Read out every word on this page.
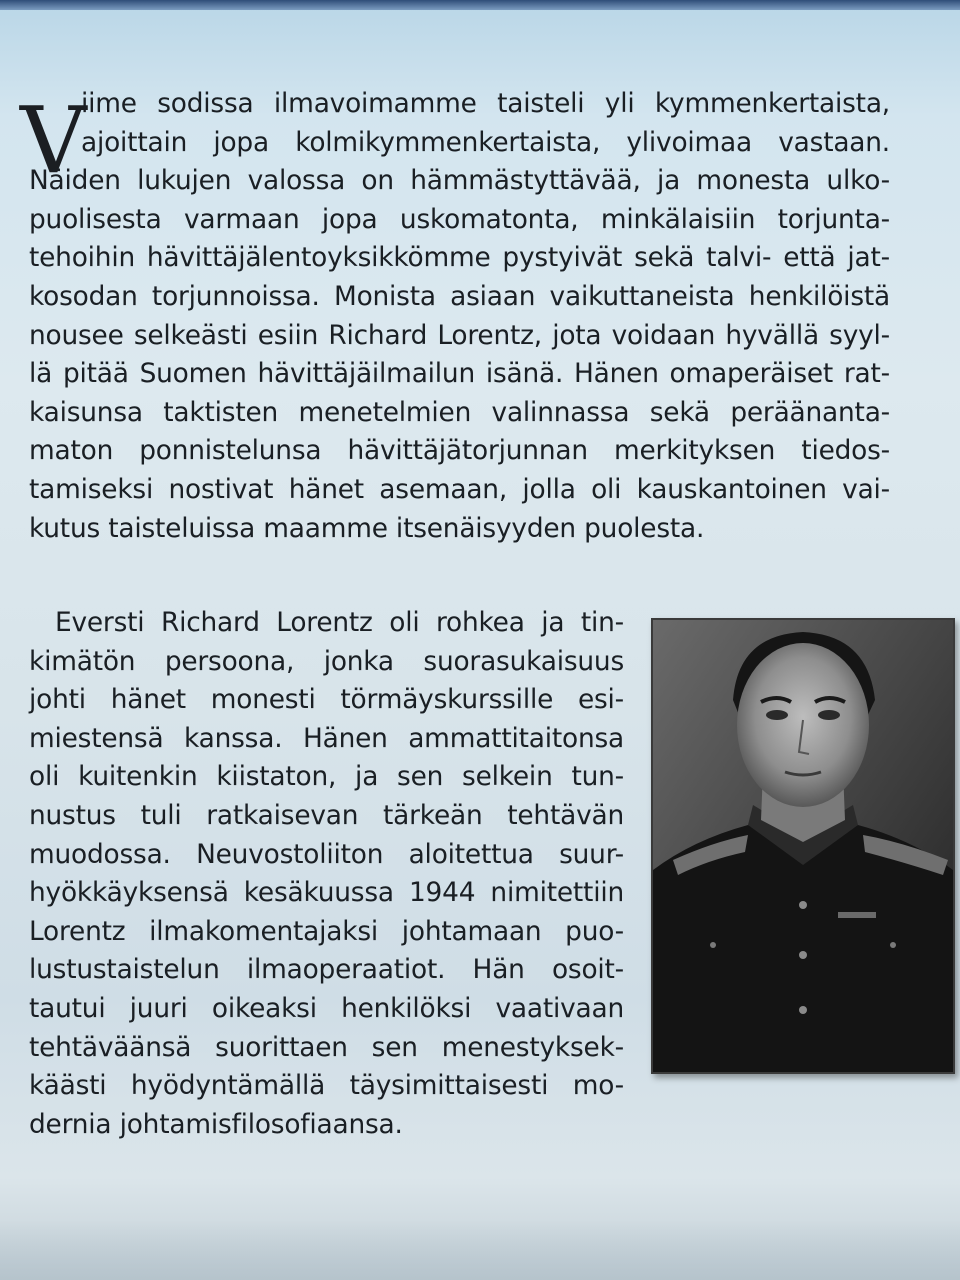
V
iime sodissa ilmavoimamme taisteli yli kymmenkertaista,
ajoittain jopa kolmikymmenkertaista, ylivoimaa vastaan.
Näiden lukujen valossa on hämmästyttävää, ja monesta ulko-
puolisesta varmaan jopa uskomatonta, minkälaisiin torjunta-
tehoihin hävittäjälentoyksikkömme pystyivät sekä talvi- että jat-
kosodan torjunnoissa. Monista asiaan vaikuttaneista henkilöistä
nousee selkeästi esiin Richard Lorentz, jota voidaan hyvällä syyl-
lä pitää Suomen hävittäjäilmailun isänä. Hänen omaperäiset rat-
kaisunsa taktisten menetelmien valinnassa sekä peräänanta-
maton ponnistelunsa hävittäjätorjunnan merkityksen tiedos-
tamiseksi nostivat hänet asemaan, jolla oli kauskantoinen vai-
kutus taisteluissa maamme itsenäisyyden puolesta.
Eversti Richard Lorentz oli rohkea ja tin-
kimätön persoona, jonka suorasukaisuus
johti hänet monesti törmäyskurssille esi-
miestensä kanssa. Hänen ammattitaitonsa
oli kuitenkin kiistaton, ja sen selkein tun-
nustus tuli ratkaisevan tärkeän tehtävän
muodossa. Neuvostoliiton aloitettua suur-
hyökkäyksensä kesäkuussa 1944 nimitettiin
Lorentz ilmakomentajaksi johtamaan puo-
lustustaistelun ilmaoperaatiot. Hän osoit-
tautui juuri oikeaksi henkilöksi vaativaan
tehtäväänsä suorittaen sen menestyksek-
käästi hyödyntämällä täysimittaisesti mo-
dernia johtamisfilosofiaansa.
